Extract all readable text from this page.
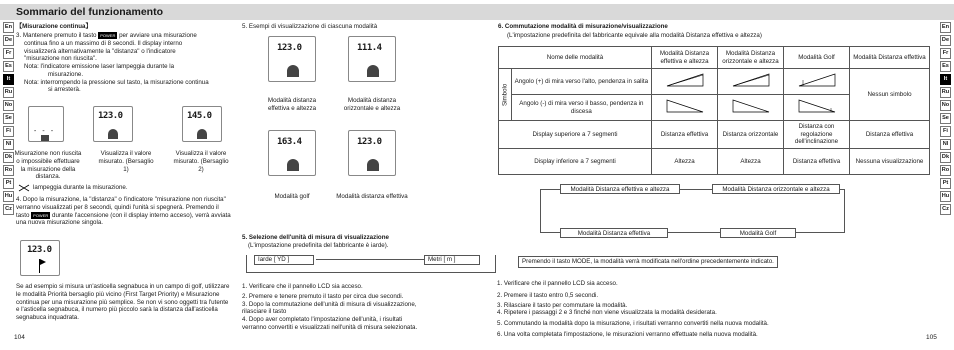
Sommario del funzionamento
En
De
Fr
Es
It
Ru
No
Se
Fi
Nl
Dk
Ro
Pt
Hu
Cz
En
De
Fr
Es
It
Ru
No
Se
Fi
Nl
Dk
Ro
Pt
Hu
Cz
【Misurazione continua】
3. Mantenere premuto il tasto POWER per avviare una misurazione
continua fino a un massimo di 8 secondi. Il display interno
visualizzerà alternativamente la "distanza" o l'indicatore
"misurazione non riuscita".
Nota: l'indicatore emissione laser lampeggia durante la
misurazione.
Nota: interrompendo la pressione sul tasto, la misurazione continua
si arresterà.
- - -
123.0	145.0
Misurazione non riuscita o impossibile effettuare la misurazione della distanza.
Visualizza il valore misurato. (Bersaglio 1)
Visualizza il valore misurato. (Bersaglio 2)
lampeggia durante la misurazione.
4. Dopo la misurazione, la "distanza" o l'indicatore "misurazione non riuscita" verranno visualizzati per 8 secondi, quindi l'unità si spegnerà. Premendo il tasto POWER durante l'accensione (con il display interno acceso), verrà avviata una nuova misurazione singola.
123.0
Se ad esempio si misura un'asticella segnabuca in un campo di golf, utilizzare le modalità Priorità bersaglio più vicino (First Target Priority) e Misurazione continua per una misurazione più semplice. Se non vi sono oggetti tra l'utente e l'asticella segnabuca, il numero più piccolo sarà la distanza dall'asticella segnabuca inquadrata.
104
5. Esempi di visualizzazione di ciascuna modalità
123.0	111.4
Modalità distanza effettiva e altezza
Modalità distanza orizzontale e altezza
163.4	123.0
Modalità golf	Modalità distanza effettiva
5. Selezione dell'unità di misura di visualizzazione
(L'impostazione predefinita del fabbricante è iarde).
Iarde [ YD ]	Metri [ m ]
1. Verificare che il pannello LCD sia acceso.
2. Premere e tenere premuto il tasto per circa due secondi.
3. Dopo la commutazione dell'unità di misura di visualizzazione,
rilasciare il tasto
4. Dopo aver completato l'impostazione dell'unità, i risultati
verranno convertiti e visualizzati nell'unità di misura selezionata.
6. Commutazione modalità di misurazione/visualizzazione
(L'impostazione predefinita del fabbricante equivale alla modalità Distanza effettiva e altezza)
Nome delle modalità		Modalità Distanza effettiva e altezza	Modalità Distanza orizzontale e altezza	Modalità Golf	Modalità Distanza effettiva
Simbolo	Angolo (+) di mira verso l'alto, pendenza in salita				Nessun simbolo
	Angolo (-) di mira verso il basso, pendenza in discesa			
Display superiore a 7 segmenti		Distanza effettiva	Distanza orizzontale	Distanza con regolazione dell'inclinazione	Distanza effettiva
Display inferiore a 7 segmenti		Altezza	Altezza	Distanza effettiva	Nessuna visualizzazione
Modalità Distanza effettiva e altezza	Modalità Distanza orizzontale e altezza
Modalità Distanza effettiva	Modalità Golf
Premendo il tasto MODE, la modalità verrà modificata nell'ordine precedentemente indicato.
1. Verificare che il pannello LCD sia acceso.
2. Premere il tasto entro 0,5 secondi.
3. Rilasciare il tasto per commutare la modalità.
4. Ripetere i passaggi 2 e 3 finché non viene visualizzata la modalità desiderata.
5. Commutando la modalità dopo la misurazione, i risultati verranno convertiti nella nuova modalità.
6. Una volta completata l'impostazione, le misurazioni verranno effettuate nella nuova modalità.	105
